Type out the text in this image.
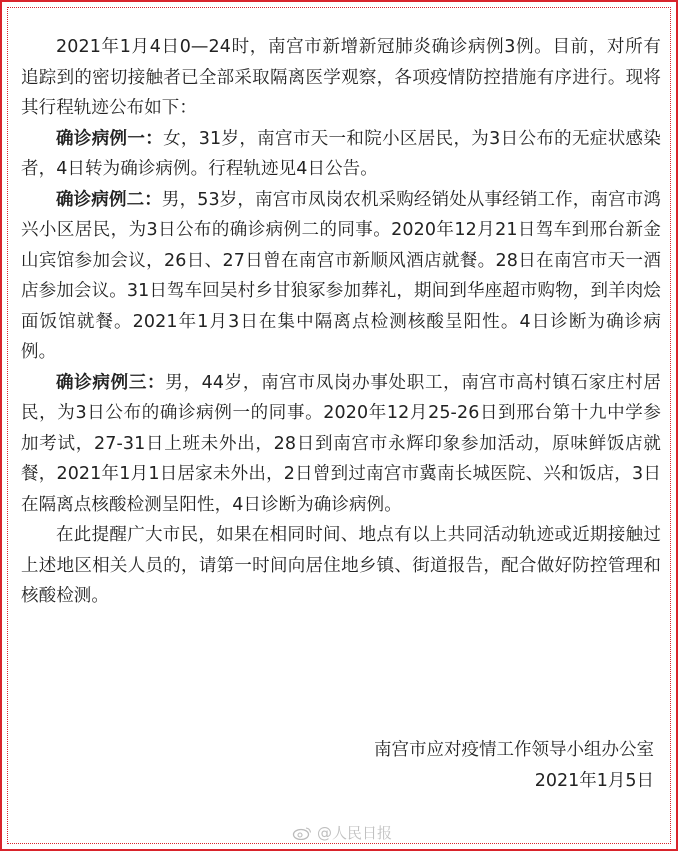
2021年1月4日0—24时，南宫市新增新冠肺炎确诊病例3例。目前，对所有追踪到的密切接触者已全部采取隔离医学观察，各项疫情防控措施有序进行。现将其行程轨迹公布如下：

确诊病例一：女，31岁，南宫市天一和院小区居民，为3日公布的无症状感染者，4日转为确诊病例。行程轨迹见4日公告。

确诊病例二：男，53岁，南宫市凤岗农机采购经销处从事经销工作，南宫市鸿兴小区居民，为3日公布的确诊病例二的同事。2020年12月21日驾车到邢台新金山宾馆参加会议，26日、27日曾在南宫市新顺风酒店就餐。28日在南宫市天一酒店参加会议。31日驾车回吴村乡甘狼冢参加葬礼，期间到华座超市购物，到羊肉烩面饭馆就餐。2021年1月3日在集中隔离点检测核酸呈阳性。4日诊断为确诊病例。

确诊病例三：男，44岁，南宫市凤岗办事处职工，南宫市高村镇石家庄村居民，为3日公布的确诊病例一的同事。2020年12月25-26日到邢台第十九中学参加考试，27-31日上班未外出，28日到南宫市永辉印象参加活动，原味鲜饭店就餐，2021年1月1日居家未外出，2日曾到过南宫市冀南长城医院、兴和饭店，3日在隔离点核酸检测呈阳性，4日诊断为确诊病例。

在此提醒广大市民，如果在相同时间、地点有以上共同活动轨迹或近期接触过上述地区相关人员的，请第一时间向居住地乡镇、街道报告，配合做好防控管理和核酸检测。

南宫市应对疫情工作领导小组办公室
2021年1月5日
@人民日报
